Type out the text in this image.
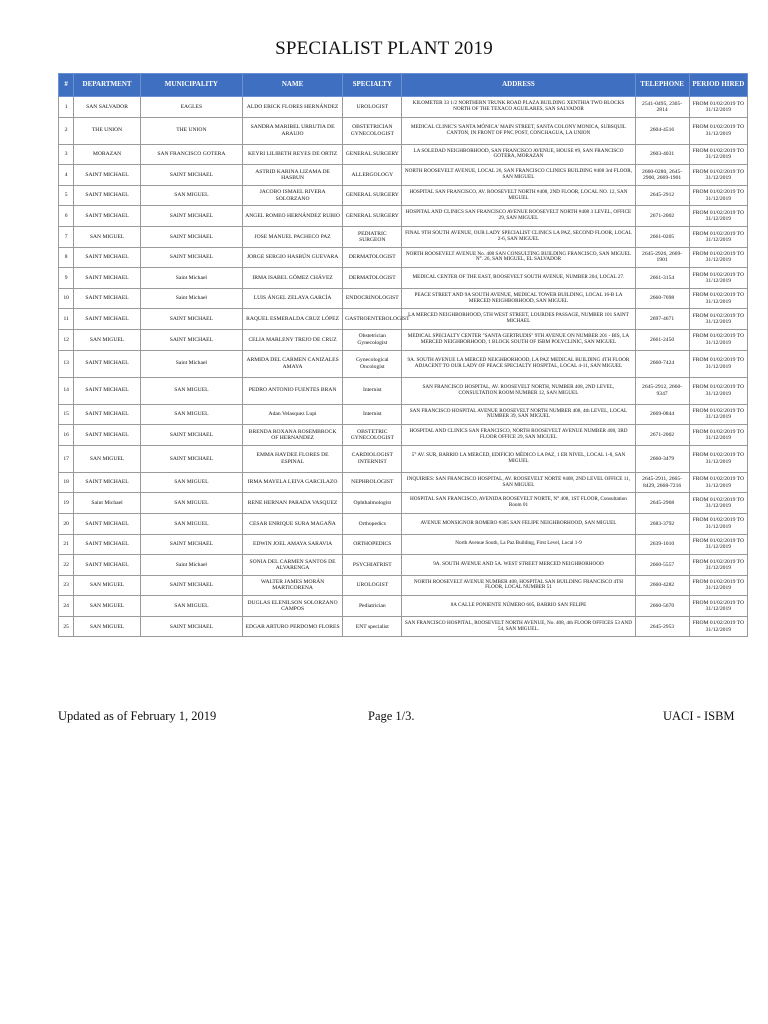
SPECIALIST PLANT 2019
#	DEPARTMENT	MUNICIPALITY	NAME	SPECIALTY	ADDRESS	TELEPHONE	PERIOD HIRED
1	SAN SALVADOR	EAGLES	ALDO ERICK FLORES HERNÁNDEZ	UROLOGIST	KILOMETER 33 1/2 NORTHERN TRUNK ROAD PLAZA BUILDING XENTHIA TWO BLOCKS NORTH OF THE TEXACO AGUILARES, SAN SALVADOR	2541-0495, 2305-2814	FROM 01/02/2019 TO 31/12/2019
2	THE UNION	THE UNION	SANDRA MARIBEL URRUTIA DE ARAUJO	OBSTETRICIAN GYNECOLOGIST	MEDICAL CLINIC'S 'SANTA MÓNICA' MAIN STREET, SANTA COLONY MONICA, SUBSQUIL CANTON, IN FRONT OF PNC POST, CONCHAGUA, LA UNION	2604-4516	FROM 01/02/2019 TO 31/12/2019
3	MORAZAN	SAN FRANCISCO GOTERA	KEYRI LILIBETH REYES DE ORTIZ	GENERAL SURGERY	LA SOLEDAD NEIGHBORHOOD, SAN FRANCISCO AVENUE, HOUSE #9, SAN FRANCISCO GOTERA, MORAZAN	2603-4031	FROM 01/02/2019 TO 31/12/2019
4	SAINT MICHAEL	SAINT MICHAEL	ASTRID KARINA LIZAMA DE HASBUN	ALLERGOLOGY	NORTH ROOSEVELT AVENUE, LOCAL 26, SAN FRANCISCO CLINICS BUILDING #408 3rd FLOOR, SAN MIGUEL	2660-0280, 2645-2900, 2669-1901	FROM 01/02/2019 TO 31/12/2019
5	SAINT MICHAEL	SAN MIGUEL	JACOBO ISMAEL RIVERA SOLORZANO	GENERAL SURGERY	HOSPITAL SAN FRANCISCO, AV. ROOSEVELT NORTH #408, 2ND FLOOR, LOCAL NO. 12, SAN MIGUEL	2645-2912	FROM 01/02/2019 TO 31/12/2019
6	SAINT MICHAEL	SAINT MICHAEL	ANGEL ROMEO HERNÁNDEZ RUBIO	GENERAL SURGERY	HOSPITAL AND CLINICS SAN FRANCISCO AVENUE ROOSEVELT NORTH #408 3 LEVEL, OFFICE 29, SAN MIGUEL	2671-2002	FROM 01/02/2019 TO 31/12/2019
7	SAN MIGUEL	SAINT MICHAEL	JOSE MANUEL PACHECO PAZ	PEDIATRIC SURGEON	FINAL 9TH SOUTH AVENUE, OUR LADY SPECIALIST CLINICS LA PAZ, SECOND FLOOR, LOCAL 2-6, SAN MIGUEL	2661-0205	FROM 01/02/2019 TO 31/12/2019
8	SAINT MICHAEL	SAINT MICHAEL	JORGE SERGIO HASBÚN GUEVARA	DERMATOLOGIST	NORTH ROOSEVELT AVENUE No. 408 SAN CONSULTING BUILDING FRANCISCO, SAN MIGUEL N°. 26, SAN MIGUEL, EL SALVADOR	2645-2926, 2669-1901	FROM 01/02/2019 TO 31/12/2019
9	SAINT MICHAEL	Saint Michael	IRMA ISABEL GÓMEZ CHÁVEZ	DERMATOLOGIST	MEDICAL CENTER OF THE EAST, ROOSEVELT SOUTH AVENUE, NUMBER 204, LOCAL 27.	2661-3154	FROM 01/02/2019 TO 31/12/2019
10	SAINT MICHAEL	Saint Michael	LUIS ÁNGEL ZELAYA GARCÍA	ENDOCRINOLOGIST	PEACE STREET AND 9A SOUTH AVENUE, MEDICAL TOWER BUILDING, LOCAL 16-B LA MERCED NEIGHBORHOOD, SAN MIGUEL	2660-7698	FROM 01/02/2019 TO 31/12/2019
11	SAINT MICHAEL	SAINT MICHAEL	RAQUEL ESMERALDA CRUZ LÓPEZ	GASTROENTEROLOGIST	LA MERCED NEIGHBORHOOD, 5TH WEST STREET, LOURDES PASSAGE, NUMBER 101 SAINT MICHAEL	2697-4671	FROM 01/02/2019 TO 31/12/2019
12	SAN MIGUEL	SAINT MICHAEL	CELIA MARLENY TREJO DE CRUZ	Obstetrician Gynecologist	MEDICAL SPECIALTY CENTER "SANTA GERTRUDIS" 9TH AVENUE ON NUMBER 201 - BIS, LA MERCED NEIGHBORHOOD, 1 BLOCK SOUTH OF ISBM POLYCLINIC, SAN MIGUEL	2661-2450	FROM 01/02/2019 TO 31/12/2019
13	SAINT MICHAEL	Saint Michael	ARMIDA DEL CARMEN CANIZALES AMAYA	Gynecological Oncologist	9A. SOUTH AVENUE LA MERCED NEIGHBORHOOD, LA PAZ MEDICAL BUILDING 4TH FLOOR ADJACENT TO OUR LADY OF PEACE SPECIALTY HOSPITAL, LOCAL 4-11, SAN MIGUEL	2660-7424	FROM 01/02/2019 TO 31/12/2019
14	SAINT MICHAEL	SAN MIGUEL	PEDRO ANTONIO FUENTES BRAN	Internist	SAN FRANCISCO HOSPITAL, AV. ROOSEVELT NORTH, NUMBER 408, 2ND LEVEL, CONSULTATION ROOM NUMBER 12, SAN MIGUEL	2645-2912, 2660-9347	FROM 01/02/2019 TO 31/12/2019
15	SAINT MICHAEL	SAN MIGUEL	Adan Velasquez Lupi	Internist	SAN FRANCISCO HOSPITAL AVENUE ROOSEVELT NORTH NUMBER 408, 4th LEVEL, LOCAL NUMBER 39, SAN MIGUEL	2669-0844	FROM 01/02/2019 TO 31/12/2019
16	SAINT MICHAEL	SAINT MICHAEL	BRENDA ROXANA ROSEMBROCK OF HERNANDEZ	OBSTETRIC GYNECOLOGIST	HOSPITAL AND CLINICS SAN FRANCISCO, NORTH ROOSEVELT AVENUE NUMBER 408, 3RD FLOOR OFFICE 29, SAN MIGUEL	2671-2002	FROM 01/02/2019 TO 31/12/2019
17	SAN MIGUEL	SAINT MICHAEL	EMMA HAYDEE FLORES DE ESPINAL	CARDIOLOGIST INTERNIST	5° AV. SUR, BARRIO LA MERCED, EDIFICIO MÉDICO LA PAZ, 1 ER NIVEL, LOCAL 1-8, SAN MIGUEL	2660-3479	FROM 01/02/2019 TO 31/12/2019
18	SAINT MICHAEL	SAN MIGUEL	IRMA MAYELA LEIVA GARCILAZO	NEPHROLOGIST	INQUIRIES: SAN FRANCISCO HOSPITAL, AV. ROOSEVELT NORTE #408, 2ND LEVEL OFFICE 11, SAN MIGUEL	2645-2911, 2665-8429, 2668-7216	FROM 01/02/2019 TO 31/12/2019
19	Saint Michael	SAN MIGUEL	RENE HERNAN PARADA VASQUEZ	Ophthalmologist	HOSPITAL SAN FRANCISCO, AVENIDA ROOSEVELT NORTE, N° 408, 1ST FLOOR, Consultation Room 01	2645-2968	FROM 01/02/2019 TO 31/12/2019
20	SAINT MICHAEL	SAN MIGUEL	CESAR ENRIQUE SURA MAGAÑA	Orthopedics	AVENUE MONSIGNOR ROMERO #305 SAN FELIPE NEIGHBORHOOD, SAN MIGUEL	2683-3792	FROM 01/02/2019 TO 31/12/2019
21	SAINT MICHAEL	SAINT MICHAEL	EDWIN JOEL AMAYA SARAVIA	ORTHOPEDICS	North Avenue South, La Paz Building, First Level, Local 1-9	2639-1010	FROM 01/02/2019 TO 31/12/2019
22	SAINT MICHAEL	Saint Michael	SONIA DEL CARMEN SANTOS DE ALVARENGA	PSYCHIATRIST	9A. SOUTH AVENUE AND 5A. WEST STREET MERCED NEIGHBORHOOD	2660-5557	FROM 01/02/2019 TO 31/12/2019
23	SAN MIGUEL	SAINT MICHAEL	WALTER JAMES MORÁN MARTICORENA	UROLOGIST	NORTH ROOSEVELT AVENUE NUMBER 408, HOSPITAL SAN BUILDING FRANCISCO 4TH FLOOR, LOCAL NUMBER 51	2660-4282	FROM 01/02/2019 TO 31/12/2019
24	SAN MIGUEL	SAN MIGUEL	DUGLAS ELENILSON SOLORZANO CAMPOS	Pediatrician	8A CALLE PONIENTE NÚMERO 605, BARRIO SAN FELIPE	2660-5670	FROM 01/02/2019 TO 31/12/2019
25	SAN MIGUEL	SAINT MICHAEL	EDGAR ARTURO PERDOMO FLORES	ENT specialist	SAN FRANCISCO HOSPITAL, ROOSEVELT NORTH AVENUE, No. 408, 4th FLOOR OFFICES 53 AND 54, SAN MIGUEL.	2645-2953	FROM 01/02/2019 TO 31/12/2019
Updated as of February 1, 2019	Page 1/3.	UACI - ISBM
